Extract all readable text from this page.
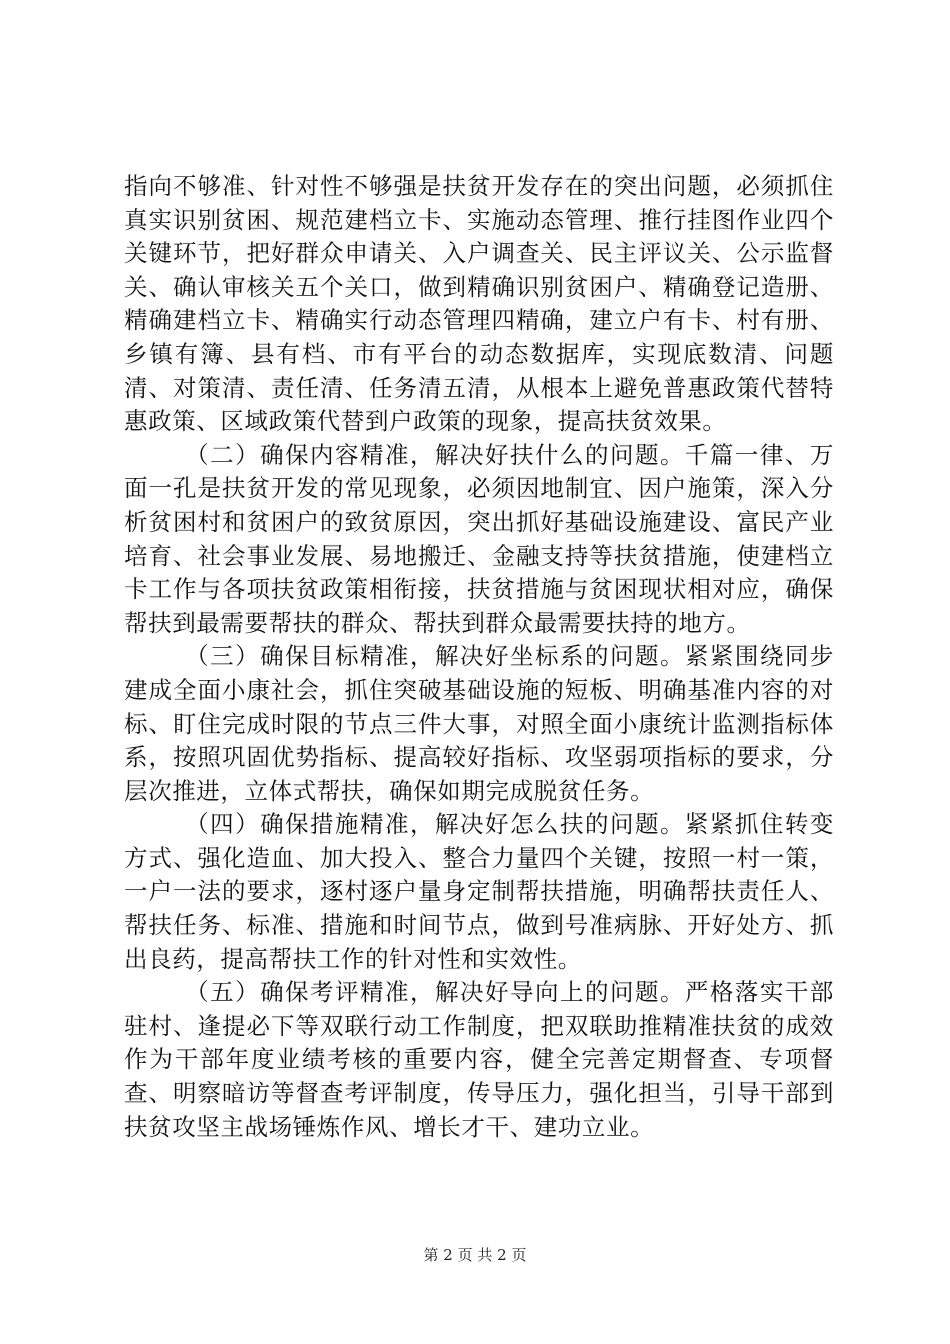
指向不够准、针对性不够强是扶贫开发存在的突出问题，必须抓住真实识别贫困、规范建档立卡、实施动态管理、推行挂图作业四个关键环节，把好群众申请关、入户调查关、民主评议关、公示监督关、确认审核关五个关口，做到精确识别贫困户、精确登记造册、精确建档立卡、精确实行动态管理四精确，建立户有卡、村有册、乡镇有簿、县有档、市有平台的动态数据库，实现底数清、问题清、对策清、责任清、任务清五清，从根本上避免普惠政策代替特惠政策、区域政策代替到户政策的现象，提高扶贫效果。

（二）确保内容精准，解决好扶什么的问题。千篇一律、万面一孔是扶贫开发的常见现象，必须因地制宜、因户施策，深入分析贫困村和贫困户的致贫原因，突出抓好基础设施建设、富民产业培育、社会事业发展、易地搬迁、金融支持等扶贫措施，使建档立卡工作与各项扶贫政策相衔接，扶贫措施与贫困现状相对应，确保帮扶到最需要帮扶的群众、帮扶到群众最需要扶持的地方。

（三）确保目标精准，解决好坐标系的问题。紧紧围绕同步建成全面小康社会，抓住突破基础设施的短板、明确基准内容的对标、盯住完成时限的节点三件大事，对照全面小康统计监测指标体系，按照巩固优势指标、提高较好指标、攻坚弱项指标的要求，分层次推进，立体式帮扶，确保如期完成脱贫任务。

（四）确保措施精准，解决好怎么扶的问题。紧紧抓住转变方式、强化造血、加大投入、整合力量四个关键，按照一村一策，一户一法的要求，逐村逐户量身定制帮扶措施，明确帮扶责任人、帮扶任务、标准、措施和时间节点，做到号准病脉、开好处方、抓出良药，提高帮扶工作的针对性和实效性。

（五）确保考评精准，解决好导向上的问题。严格落实干部驻村、逢提必下等双联行动工作制度，把双联助推精准扶贫的成效作为干部年度业绩考核的重要内容，健全完善定期督查、专项督查、明察暗访等督查考评制度，传导压力，强化担当，引导干部到扶贫攻坚主战场锤炼作风、增长才干、建功立业。

第 2 页 共 2 页
